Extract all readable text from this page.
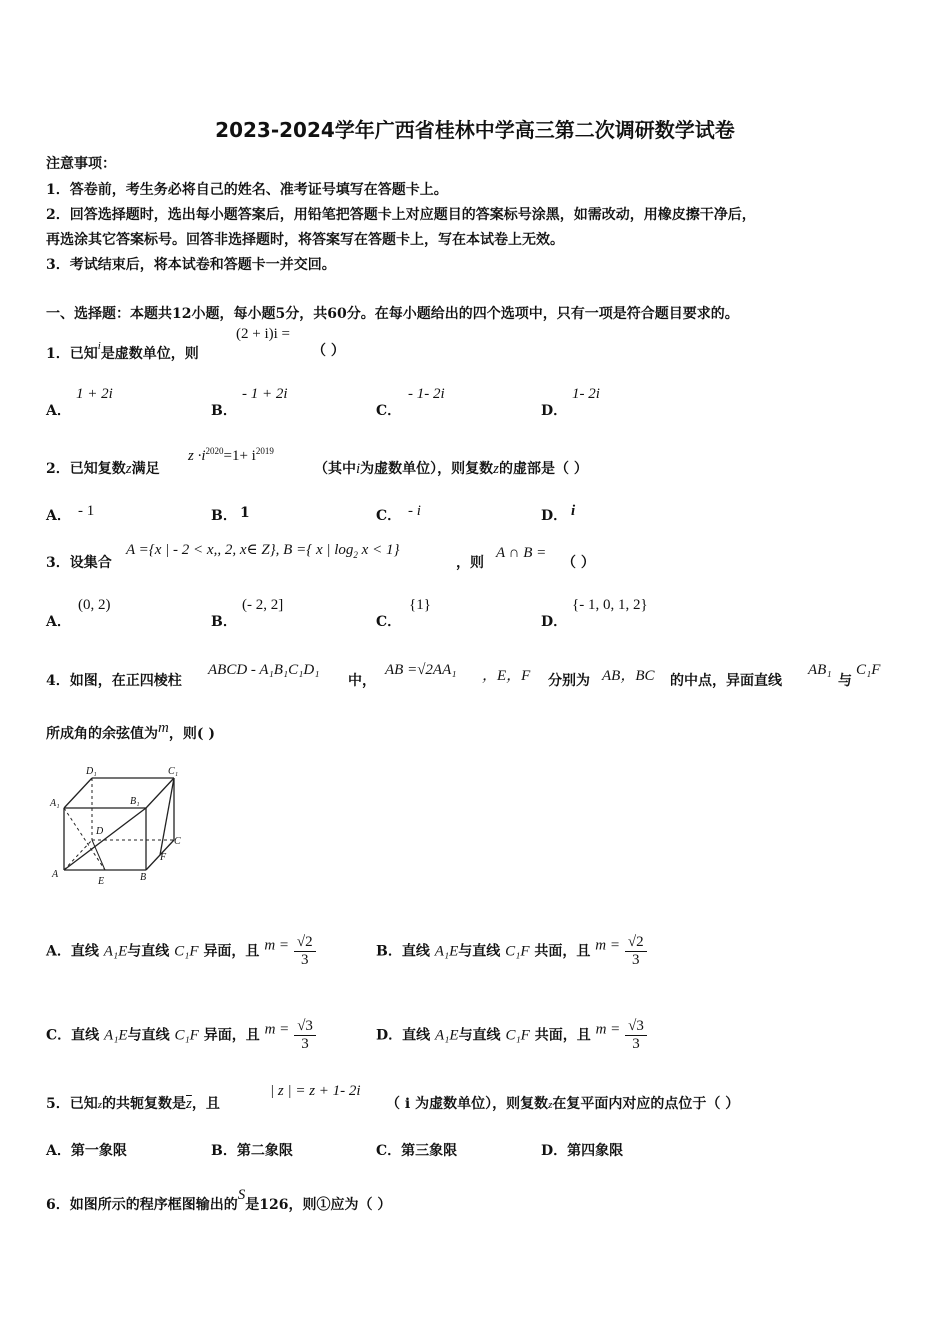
2023-2024学年广西省桂林中学高三第二次调研数学试卷
注意事项：
1．答卷前，考生务必将自己的姓名、准考证号填写在答题卡上。
2．回答选择题时，选出每小题答案后，用铅笔把答题卡上对应题目的答案标号涂黑，如需改动，用橡皮擦干净后，
再选涂其它答案标号。回答非选择题时，将答案写在答题卡上，写在本试卷上无效。
3．考试结束后，将本试卷和答题卡一并交回。
一、选择题：本题共12小题，每小题5分，共60分。在每小题给出的四个选项中，只有一项是符合题目要求的。
1．已知$^i$是虚数单位，则
(2 + i)i =
（ ）
A．
1 + 2i
B．
- 1 + 2i
C．
- 1- 2i
D．
1- 2i
2．已知复数z满足
$z \cdot i^{2020}=1+ i^{2019}$
（其中i为虚数单位），则复数z的虚部是（ ）
A． - 1	B． 1	C． - i	D． i
3．设集合
A ={x | - 2 < x,, 2, x∈ Z}, B ={ x | $\log_2 x < 1$}
，则
A ∩ B =
（ ）
A．
(0, 2)
B．
(- 2, 2]
C．
{1}
D．
{- 1, 0, 1, 2}
4．如图，在正四棱柱
ABCD - A₁B₁C₁D₁
中，
AB =√2AA₁ ，E，F 分别为 AB，BC 的中点，异面直线
AB₁
与
C₁F
所成角的余弦值为m，则( )
D₁	C₁
A₁	B₁
D
C
A
E	B
F
A．直线 A₁E与直线 C₁F 异面，且 $m = \frac{√2}{3}$	B．直线 A₁E与直线 C₁F 共面，且 $m = \frac{√2}{3}$
C．直线 A₁E与直线 C₁F 异面，且 $m = \frac{√3}{3}$	D．直线 A₁E与直线 C₁F 共面，且 $m = \frac{√3}{3}$
5．已知z的共轭复数是$\overline{z}$，且
| z | = z + 1- 2i
（ i 为虚数单位），则复数z在复平面内对应的点位于（ ）
A．第一象限	B．第二象限	C．第三象限	D．第四象限
6．如图所示的程序框图输出的S是126，则①应为（ ）
